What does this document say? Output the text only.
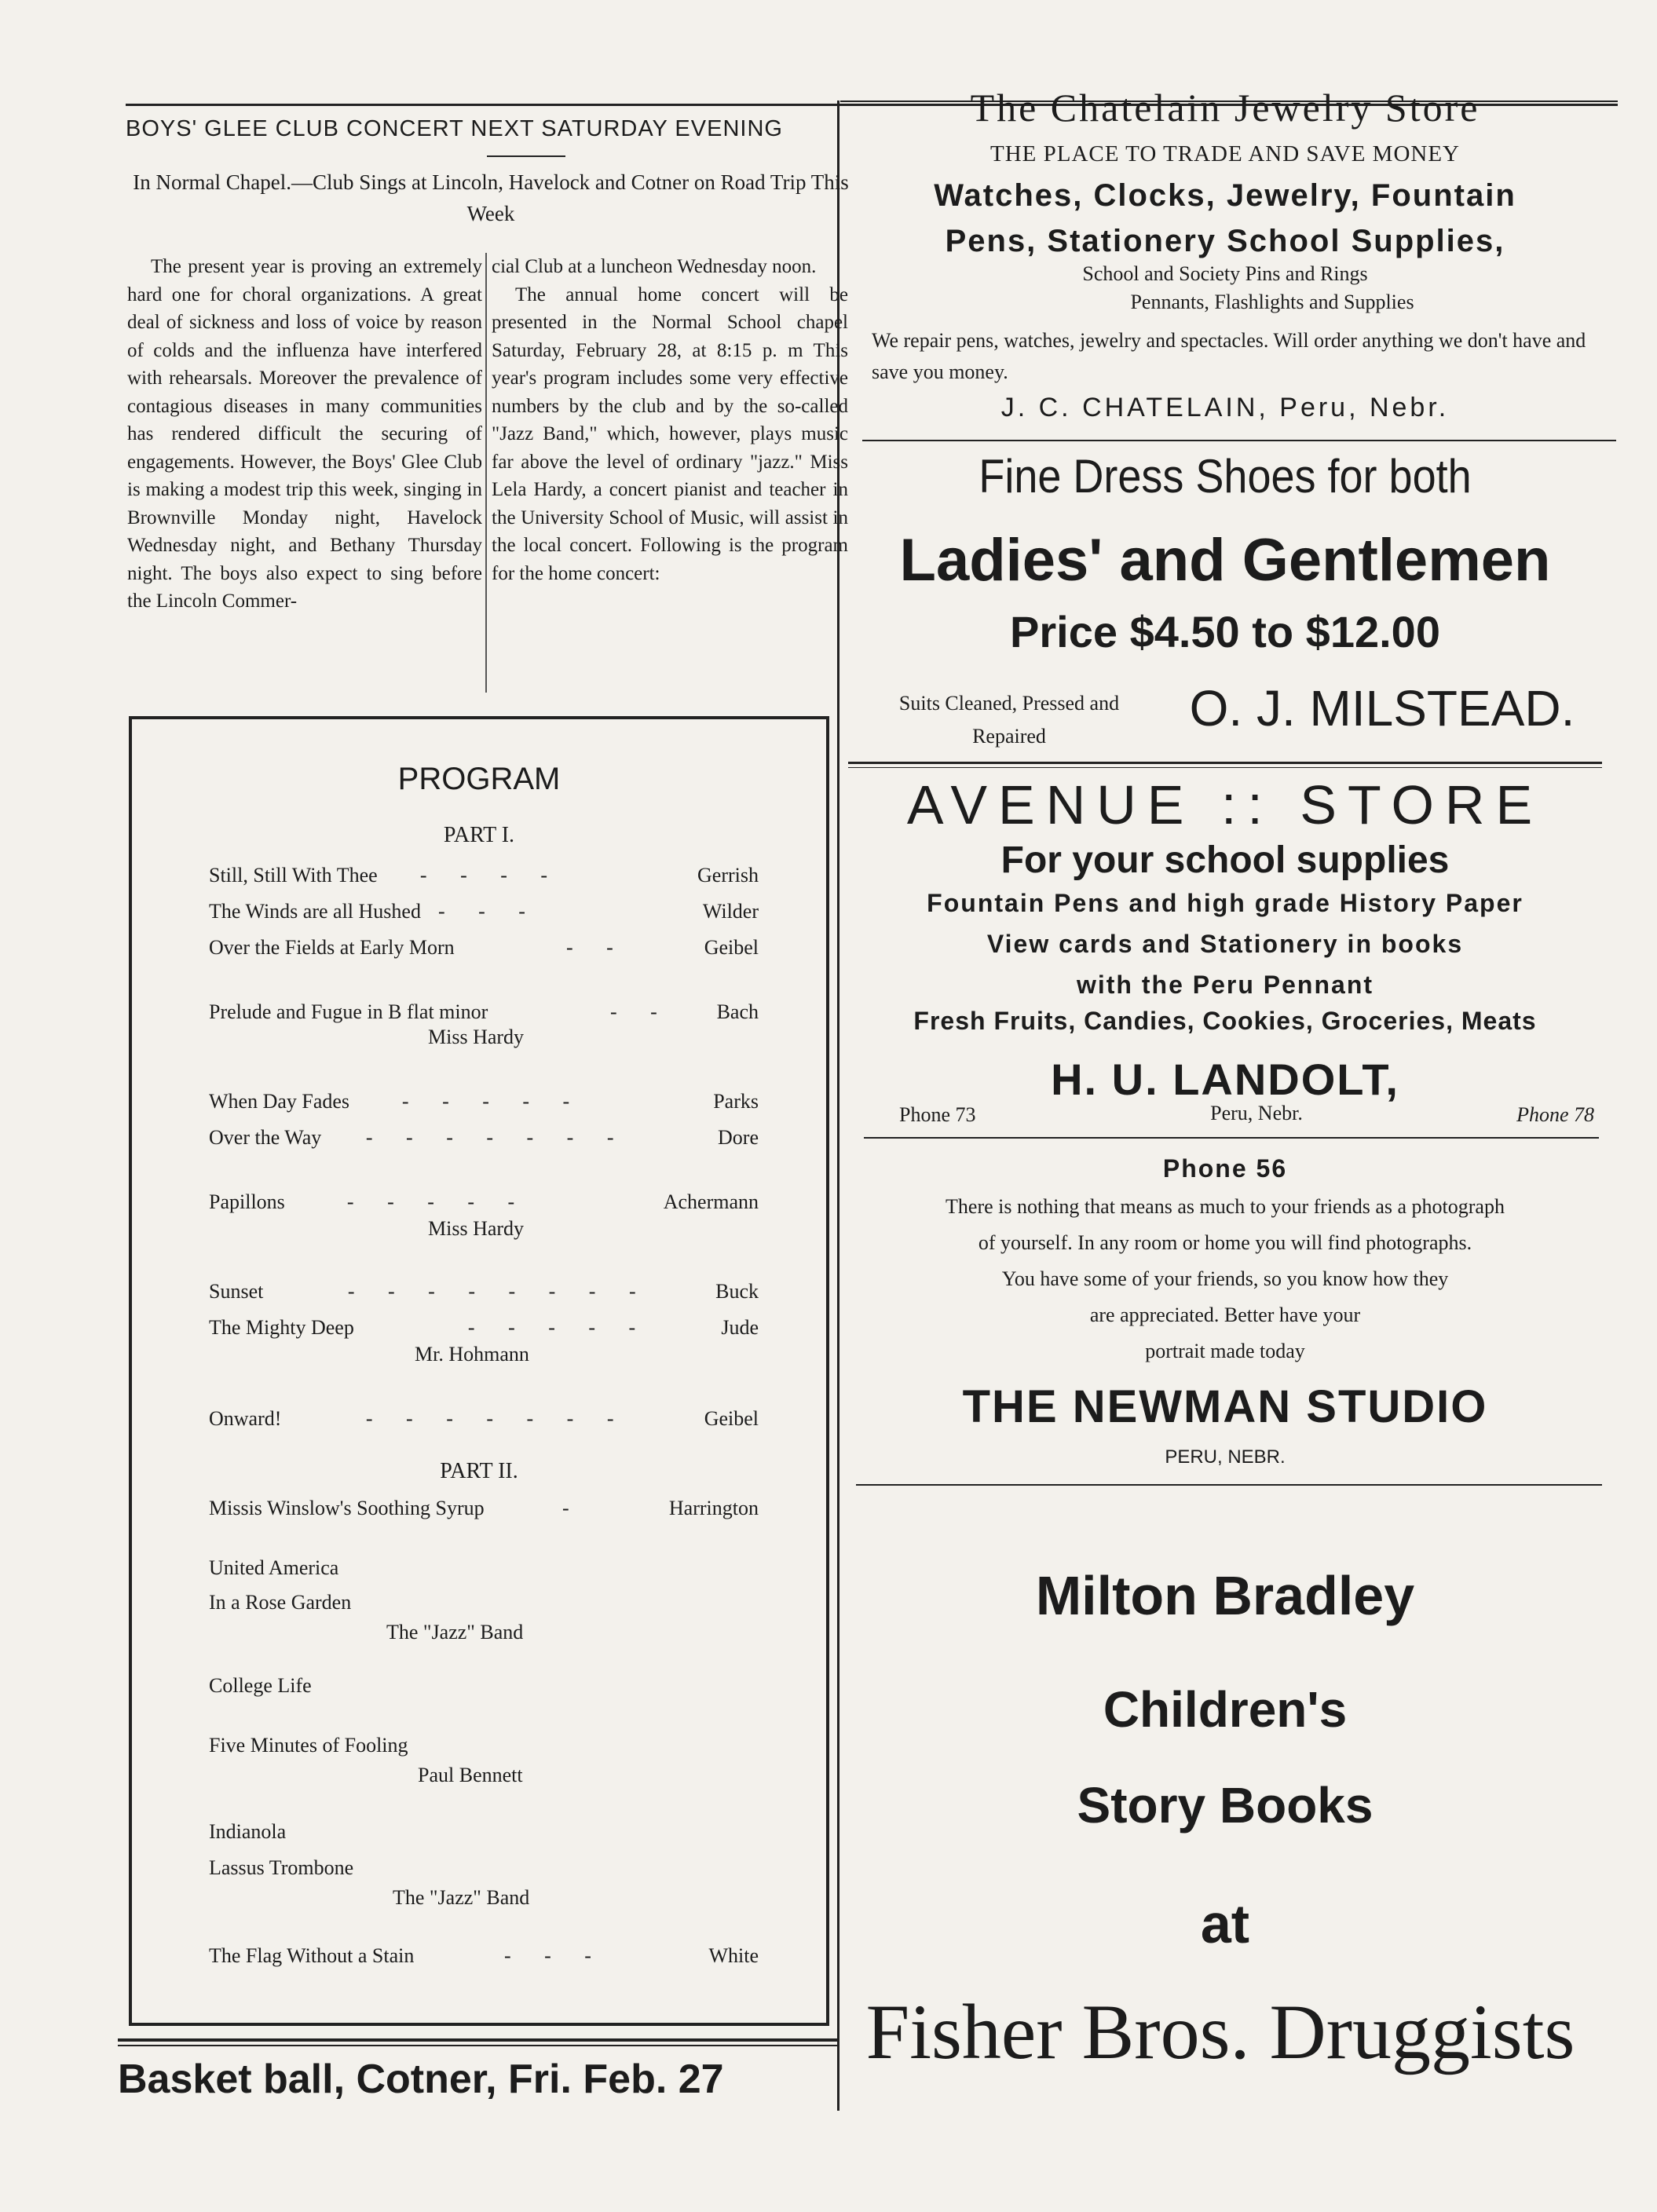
BOYS' GLEE CLUB CONCERT NEXT SATURDAY EVENING
In Normal Chapel.—Club Sings at Lincoln, Havelock and Cotner on Road Trip This Week

The present year is proving an extremely hard one for choral organizations. A great deal of sickness and loss of voice by reason of colds and the influenza have interfered with rehearsals. Moreover the prevalence of contagious diseases in many communities has rendered difficult the securing of engagements. However, the Boys' Glee Club is making a modest trip this week, singing in Brownville Monday night, Havelock Wednesday night, and Bethany Thursday night. The boys also expect to sing before the Lincoln Commer-

cial Club at a luncheon Wednesday noon.

The annual home concert will be presented in the Normal School chapel Saturday, February 28, at 8:15 p. m This year's program includes some very effective numbers by the club and by the so-called "Jazz Band," which, however, plays music far above the level of ordinary "jazz." Miss Lela Hardy, a concert pianist and teacher in the University School of Music, will assist in the local concert. Following is the program for the home concert:

PROGRAM
PART I.
Still, Still With Thee - - - -	Gerrish
The Winds are all Hushed - - -	Wilder
Over the Fields at Early Morn	- -	Geibel
Prelude and Fugue in B flat minor	- - Bach
Miss Hardy
When Day Fades	- - - - -	Parks
Over the Way - - - - - - -	Dore
Papillons	- - - - -	Achermann
Miss Hardy
Sunset	- - - - - - - -	Buck
The Mighty Deep	- - - - -	Jude
Mr. Hohmann
Onward!	- - - - - - -	Geibel
PART II.
Missis Winslow's Soothing Syrup	-	Harrington
United America
In a Rose Garden
The "Jazz" Band
College Life
Five Minutes of Fooling
Paul Bennett
Indianola
Lassus Trombone
The "Jazz" Band
The Flag Without a Stain	- - -	White
Basket ball, Cotner, Fri. Feb. 27
The Chatelain Jewelry Store
THE PLACE TO TRADE AND SAVE MONEY
Watches, Clocks, Jewelry, Fountain
Pens, Stationery School Supplies,
School and Society Pins and Rings
Pennants, Flashlights and Supplies
We repair pens, watches, jewelry and spectacles. Will order anything we don't have and save you money.
J. C. CHATELAIN, Peru, Nebr.
Fine Dress Shoes for both
Ladies' and Gentlemen
Price $4.50 to $12.00
Suits Cleaned, Pressed and Repaired	O. J. MILSTEAD.
AVENUE :: STORE
For your school supplies
Fountain Pens and high grade History Paper
View cards and Stationery in books
with the Peru Pennant
Fresh Fruits, Candies, Cookies, Groceries, Meats
H. U. LANDOLT,
Phone 73	Peru, Nebr.	Phone 78
Phone 56
There is nothing that means as much to your friends as a photograph
of yourself. In any room or home you will find photographs.
You have some of your friends, so you know how they
are appreciated. Better have your
portrait made today
THE NEWMAN STUDIO
PERU, NEBR.
Milton Bradley
Children's
Story Books
at
Fisher Bros. Druggists
